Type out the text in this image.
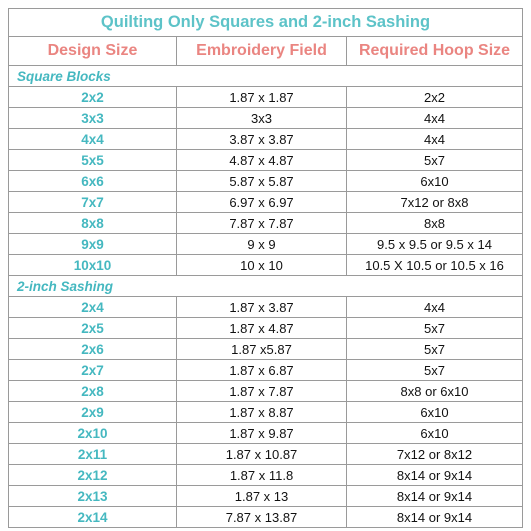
Quilting Only Squares and 2-inch Sashing		
Design Size	Embroidery Field	Required Hoop Size
Square Blocks		
2x2	1.87 x 1.87	2x2
3x3	3x3	4x4
4x4	3.87 x 3.87	4x4
5x5	4.87 x 4.87	5x7
6x6	5.87 x 5.87	6x10
7x7	6.97 x 6.97	7x12 or 8x8
8x8	7.87 x 7.87	8x8
9x9	9 x 9	9.5 x 9.5 or 9.5 x 14
10x10	10 x 10	10.5 X 10.5 or 10.5 x 16
2-inch Sashing		
2x4	1.87 x 3.87	4x4
2x5	1.87 x 4.87	5x7
2x6	1.87 x5.87	5x7
2x7	1.87 x 6.87	5x7
2x8	1.87 x 7.87	8x8 or 6x10
2x9	1.87 x 8.87	6x10
2x10	1.87 x 9.87	6x10
2x11	1.87 x 10.87	7x12 or 8x12
2x12	1.87 x 11.8	8x14 or 9x14
2x13	1.87 x 13	8x14 or 9x14
2x14	7.87 x 13.87	8x14 or 9x14
